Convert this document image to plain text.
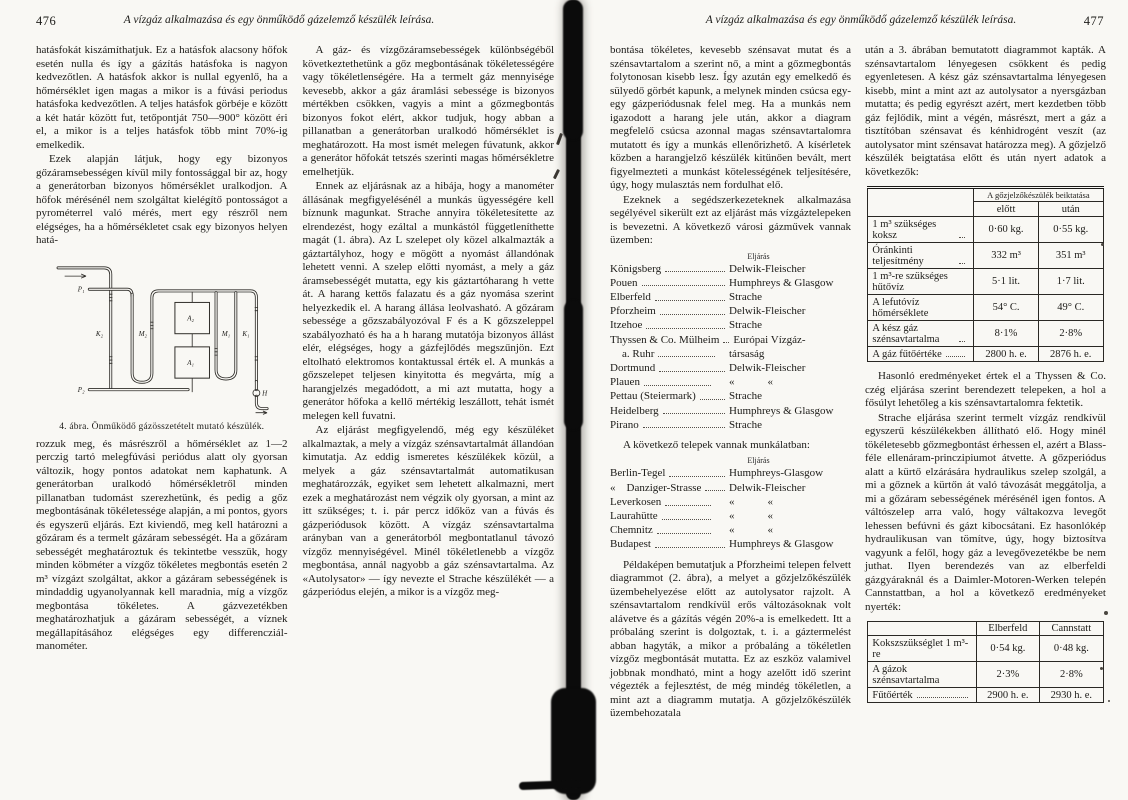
476	A vízgáz alkalmazása és egy önműködő gázelemző készülék leírása.

hatásfokát kiszámíthatjuk. Ez a hatásfok alacsony hőfok esetén nulla és így a gázítás hatásfoka is nagyon kedvezőtlen. A hatásfok akkor is nullal egyenlő, ha a hőmérséklet igen magas a mikor is a fúvási periodus hatásfoka kedvezőtlen. A teljes hatásfok görbéje e között a két határ között fut, tetőpontját 750—900° között éri el, a mikor is a teljes hatásfok több mint 70%-ig emelkedik.

Ezek alapján látjuk, hogy egy bizonyos gőzáramsebességen kívül mily fontossággal bir az, hogy a generátorban bizonyos hőmérséklet uralkodjon. A hőfok mérésénél nem szolgáltat kielégítő pontosságot a pyrométerrel való mérés, mert egy részről nem elégséges, ha a hőmérsékletet csak egy bizonyos helyen hatá-

P₁
P₂
K₂	M₂
A₂
A₁
M₁ K₁
H
4. ábra. Önműködő gázösszetételt mutató készülék.

rozzuk meg, és másrészről a hőmérséklet az 1—2 perczig tartó melegfúvási periódus alatt oly gyorsan változik, hogy pontos adatokat nem kaphatunk. A generátorban uralkodó hőmérsékletről minden pillanatban tudomást szerezhetünk, és pedig a gőz megbontásának tökéletessége alapján, a mi pontos, gyors és egyszerű eljárás. Ezt kiviendő, meg kell határozni a gőzáram és a termelt gázáram sebességét. Ha a gőzáram sebességét meghatároztuk és tekintetbe vesszük, hogy minden köbméter a vízgőz tökéletes megbontás esetén 2 m³ vízgázt szolgáltat, akkor a gázáram sebességének is mindaddig ugyanolyannak kell maradnia, míg a vízgőz megbontása tökéletes. A gázvezetékben meghatározhatjuk a gázáram sebességét, a víznek megállapításához elégséges egy differencziál-manométer.

A gáz- és vízgőzáramsebességek különbségéből következtethetünk a gőz megbontásának tökéletességére vagy tökéletlenségére. Ha a termelt gáz mennyisége kevesebb, akkor a gáz áramlási sebessége is bizonyos mértékben csökken, vagyis a mint a gőzmegbontás bizonyos fokot elért, akkor tudjuk, hogy abban a pillanatban a generátorban uralkodó hőmérséklet is meghatározott. Ha most ismét melegen fúvatunk, akkor a generátor hőfokát tetszés szerinti magas hőmérsékletre emelhetjük.

Ennek az eljárásnak az a hibája, hogy a manométer állásának megfigyelésénél a munkás ügyességére kell bíznunk magunkat. Strache annyira tökéletesítette az elrendezést, hogy ezáltal a munkástól függetleníthette magát (1. ábra). Az L szelepet oly közel alkalmazták a gáztartályhoz, hogy e mögött a nyomást állandónak lehetett venni. A szelep előtti nyomást, a mely a gáz áramsebességét mutatta, egy kis gáztartóharang h vette át. A harang kettős falazatu és a gáz nyomása szerint helyezkedik el. A harang állása leolvasható. A gőzáram sebessége a gőzszabályozóval F és a K gőzszeleppel szabályozható és ha a h harang mutatója bizonyos állást elér, elégséges, hogy a gázfejlődés megszűnjön. Ezt eltolható elektromos kontaktussal érték el. A munkás a gőzszelepet teljesen kinyitotta és megvárta, míg a harangjelzés megadódott, a mi azt mutatta, hogy a generátor hőfoka a kellő mértékig leszállott, tehát ismét melegen kell fuvatni.

Az eljárást megfigyelendő, még egy készüléket alkalmaztak, a mely a vízgáz szénsavtartalmát állandóan kimutatja. Az eddig ismeretes készülékek közül, a melyek a gáz szénsavtartalmát automatikusan meghatározzák, egyiket sem lehetett alkalmazni, mert ezek a meghatározást nem végzik oly gyorsan, a mint az itt szükséges; t. i. pár percz időköz van a fúvás és gázperiódusok között. A vízgáz szénsavtartalma arányban van a generátorból megbontatlanul távozó vízgőz mennyiségével. Minél tökéletlenebb a vízgőz megbontása, annál nagyobb a gáz szénsavtartalma. Az «Autolysator» — így nevezte el Strache készülékét — a gázperiódus elején, a mikor is a vízgőz meg-

A vízgáz alkalmazása és egy önműködő gázelemző készülék leírása.	477

bontása tökéletes, kevesebb szénsavat mutat és a szénsavtartalom a szerint nő, a mint a gőzmegbontás folytonosan kisebb lesz. Így azután egy emelkedő és sülyedő görbét kapunk, a melynek minden csúcsa egy-egy gázperiódusnak felel meg. Ha a munkás nem igazodott a harang jele után, akkor a diagram megfelelő csúcsa azonnal magas szénsavtartalomra mutatott és így a munkás ellenőrizhető. A kísérletek közben a harangjelző készülék kitünően bevált, mert figyelmezteti a munkást kötelességének teljesítésére, úgy, hogy mulasztás nem fordulhat elő.

Ezeknek a segédszerkezeteknek alkalmazása segélyével sikerült ezt az eljárást más vízgáztelepeken is bevezetni. A következő városi gázművek vannak üzemben:

Eljárás
Königsberg	Delwik-Fleischer
Pouen	Humphreys & Glasgow
Elberfeld	Strache
Pforzheim	Delwik-Fleischer
Itzehoe	Strache
Thyssen & Co. Mülheim Európai Vízgáz-
a. Ruhr	társaság
Dortmund	Delwik-Fleischer
Plauen	«   «
Pettau (Steiermark)	Strache
Heidelberg	Humphreys & Glasgow
Pirano	Strache

A következő telepek vannak munkálatban:

Eljárás
Berlin-Tegel	Humphreys-Glasgow
«  Danziger-Strasse	Delwik-Fleischer
Leverkosen	«   «
Laurahütte	«   «
Chemnitz	«   «
Budapest	Humphreys & Glasgow

Példaképen bemutatjuk a Pforzheimi telepen felvett diagrammot (2. ábra), a melyet a gőzjelzőkészülék üzembehelyezése előtt az autolysator rajzolt. A szénsavtartalom rendkívül erős változásoknak volt alávetve és a gázítás végén 20%-a is emelkedett. Itt a próbaláng szerint is dolgoztak, t. i. a gáztermelést abban hagyták, a mikor a próbaláng a tökéletlen vízgőz megbontását mutatta. Ez az eszköz valamivel jobbnak mondható, mint a hogy azelőtt idő szerint végezték a fejlesztést, de még mindég tökéletlen, a mint azt a diagramm mutatja. A gőzjelzőkészülék üzembehozatala

után a 3. ábrában bemutatott diagrammot kapták. A szénsavtartalom lényegesen csökkent és pedig egyenletesen. A kész gáz szénsavtartalma lényegesen kisebb, mint a mint azt az autolysator a nyersgázban mutatta; és pedig egyrészt azért, mert kezdetben több gáz fejlődik, mint a végén, másrészt, mert a gáz a tisztítóban szénsavat és kénhidrogént veszít (az autolysator mint szénsavat határozza meg). A gőzjelző készülék beigtatása előtt és után nyert adatok a következők:

	A gőzjelzőkészülék beiktatása	
	előtt	után

1 m³ szükséges koksz	0·60 kg.	0·55 kg.

Óránkinti teljesítmény	332 m³	351 m³

1 m³-re szükséges hűtővíz	5·1 lit.	1·7 lit.

A lefutóvíz hőmérséklete	54° C.	49° C.

A kész gáz szénsavtartalma	8·1%	2·8%

A gáz fűtőértéke	2800 h. e.	2876 h. e.

Hasonló eredményeket értek el a Thyssen & Co. czég eljárása szerint berendezett telepeken, a hol a fősúlyt lehetőleg a kis szénsavtartalomra fektetik.

Strache eljárása szerint termelt vízgáz rendkívül egyszerű készülékekben állítható elő. Hogy minél tökéletesebb gőzmegbontást érhessen el, azért a Blass-féle ellenáram-princzipiumot átvette. A gőzperiódus alatt a kürtő elzárására hydraulikus szelep szolgál, a mi a gőznek a kürtőn át való távozását meggátolja, a mi a gőzáram sebességének mérésénél igen fontos. A váltószelep arra való, hogy váltakozva levegőt lehessen befúvni és gázt kibocsátani. Ez hasonlókép hydraulikusan van tömítve, úgy, hogy biztosítva vagyunk a felől, hogy gáz a levegővezetékbe be nem juthat. Ilyen berendezés van az elberfeldi gázgyáraknál és a Daimler-Motoren-Werken telepén Cannstattban, a hol a következő eredményeket nyerték:

	Elberfeld	Cannstatt

Kokszszükséglet 1 m³-re	0·54 kg.	0·48 kg.

A gázok szénsavtartalma	2·3%	2·8%

Fűtőérték	2900 h. e.	2930 h. e.
